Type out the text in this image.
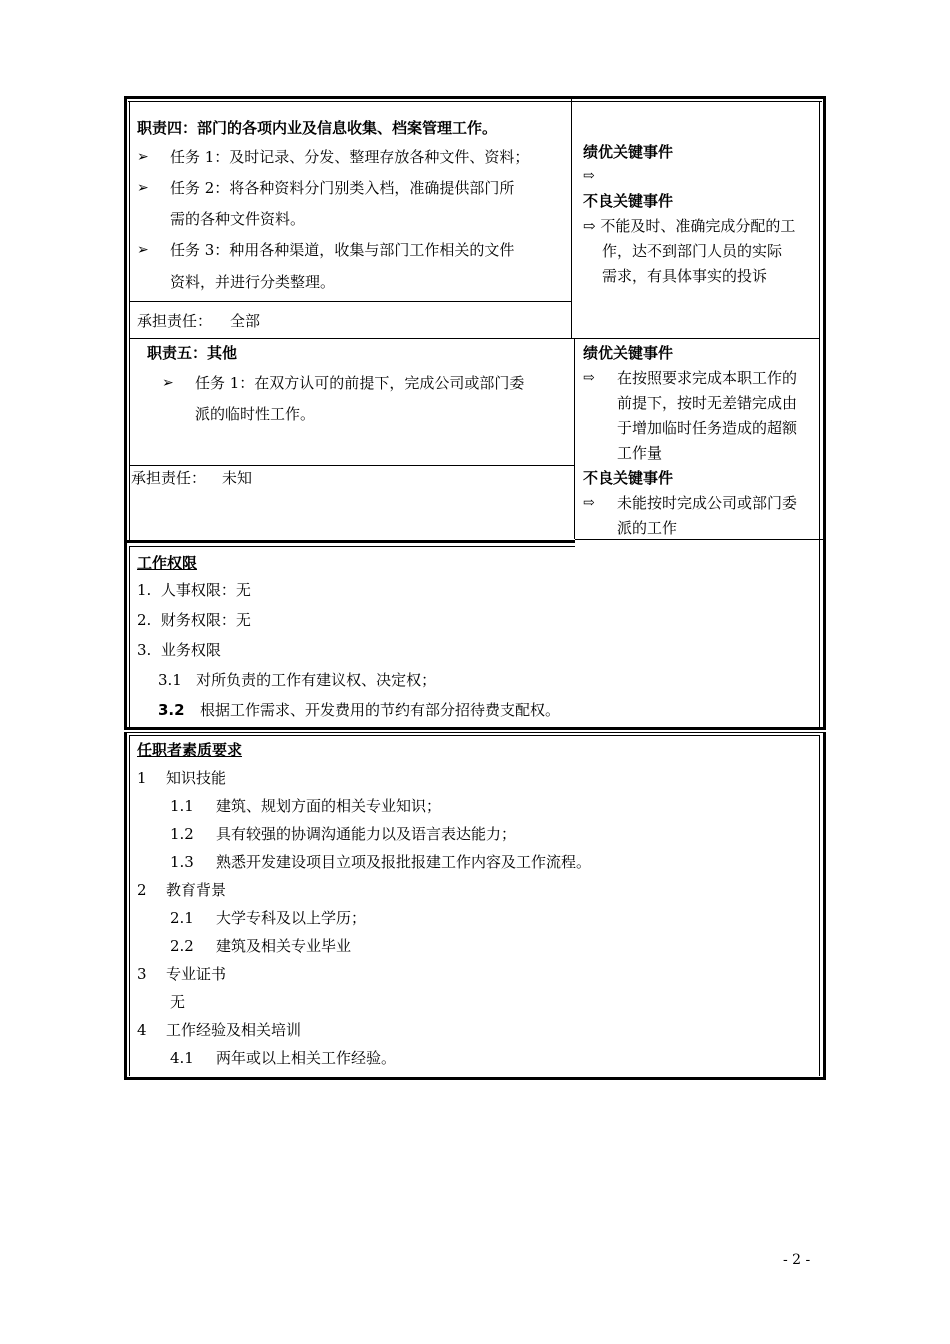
职责四：部门的各项内业及信息收集、档案管理工作。
➢ 任务 1：及时记录、分发、整理存放各种文件、资料；
➢ 任务 2：将各种资料分门别类入档，准确提供部门所
需的各种文件资料。
➢ 任务 3：种用各种渠道，收集与部门工作相关的文件
资料，并进行分类整理。
承担责任： 全部
绩优关键事件
⇨
不良关键事件
⇨ 不能及时、准确完成分配的工
作，达不到部门人员的实际
需求，有具体事实的投诉
职责五：其他
➢ 任务 1：在双方认可的前提下，完成公司或部门委
派的临时性工作。
承担责任： 未知
绩优关键事件
⇨ 在按照要求完成本职工作的
前提下，按时无差错完成由
于增加临时任务造成的超额
工作量
不良关键事件
⇨ 未能按时完成公司或部门委
派的工作
工作权限
1.  人事权限：无
2.  财务权限：无
3.  业务权限
3.1   对所负责的工作有建议权、决定权；
3.2 根据工作需求、开发费用的节约有部分招待费支配权。
任职者素质要求
1 知识技能
1.1 建筑、规划方面的相关专业知识；
1.2 具有较强的协调沟通能力以及语言表达能力；
1.3 熟悉开发建设项目立项及报批报建工作内容及工作流程。
2 教育背景
2.1 大学专科及以上学历；
2.2 建筑及相关专业毕业
3 专业证书
无
4 工作经验及相关培训
4.1 两年或以上相关工作经验。
- 2 -
